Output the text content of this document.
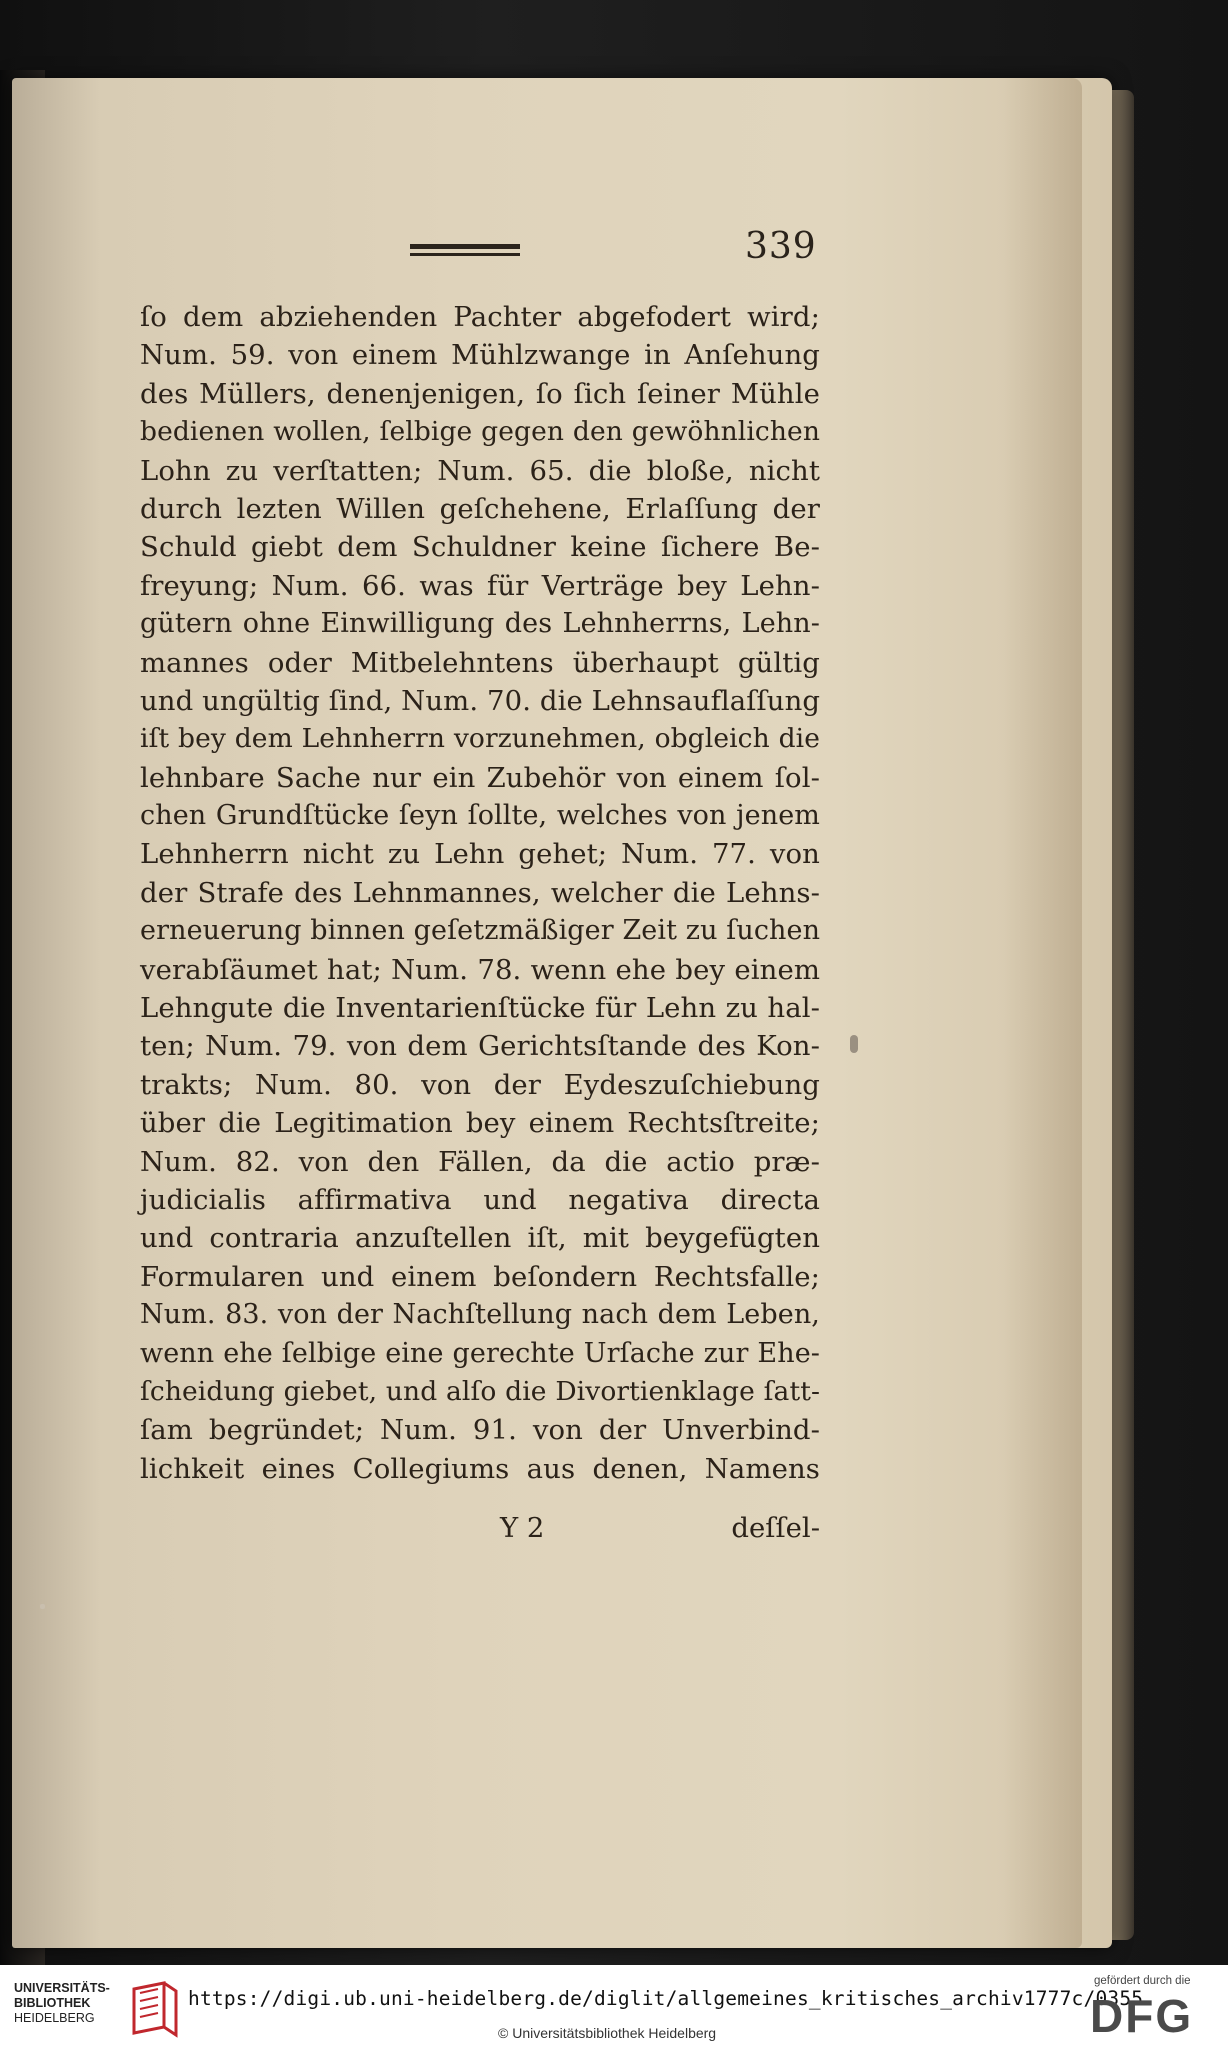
339
ſo dem abziehenden Pachter abgefodert wird;
Num. 59. von einem Mühlzwange in Anſehung
des Müllers, denenjenigen, ſo ſich ſeiner Mühle
bedienen wollen, ſelbige gegen den gewöhnlichen
Lohn zu verſtatten; Num. 65. die bloße, nicht
durch lezten Willen geſchehene, Erlaſſung der
Schuld giebt dem Schuldner keine ſichere Be-
freyung; Num. 66. was für Verträge bey Lehn-
gütern ohne Einwilligung des Lehnherrns, Lehn-
mannes oder Mitbelehntens überhaupt gültig
und ungültig ſind, Num. 70. die Lehnsauflaſſung
iſt bey dem Lehnherrn vorzunehmen, obgleich die
lehnbare Sache nur ein Zubehör von einem ſol-
chen Grundſtücke ſeyn ſollte, welches von jenem
Lehnherrn nicht zu Lehn gehet; Num. 77. von
der Strafe des Lehnmannes, welcher die Lehns-
erneuerung binnen geſetzmäßiger Zeit zu ſuchen
verabſäumet hat; Num. 78. wenn ehe bey einem
Lehngute die Inventarienſtücke für Lehn zu hal-
ten; Num. 79. von dem Gerichtsſtande des Kon-
trakts; Num. 80. von der Eydeszuſchiebung
über die Legitimation bey einem Rechtsſtreite;
Num. 82. von den Fällen, da die actio præ-
judicialis affirmativa und negativa directa
und contraria anzuſtellen iſt, mit beygefügten
Formularen und einem beſondern Rechtsfalle;
Num. 83. von der Nachſtellung nach dem Leben,
wenn ehe ſelbige eine gerechte Urſache zur Ehe-
ſcheidung giebet, und alſo die Divortienklage ſatt-
ſam begründet; Num. 91. von der Unverbind-
lichkeit eines Collegiums aus denen, Namens
Y 2	deſſel-
UNIVERSITÄTS-
BIBLIOTHEK
HEIDELBERG
https://digi.ub.uni-heidelberg.de/diglit/allgemeines_kritisches_archiv1777c/0355
© Universitätsbibliothek Heidelberg
gefördert durch die
DFG
